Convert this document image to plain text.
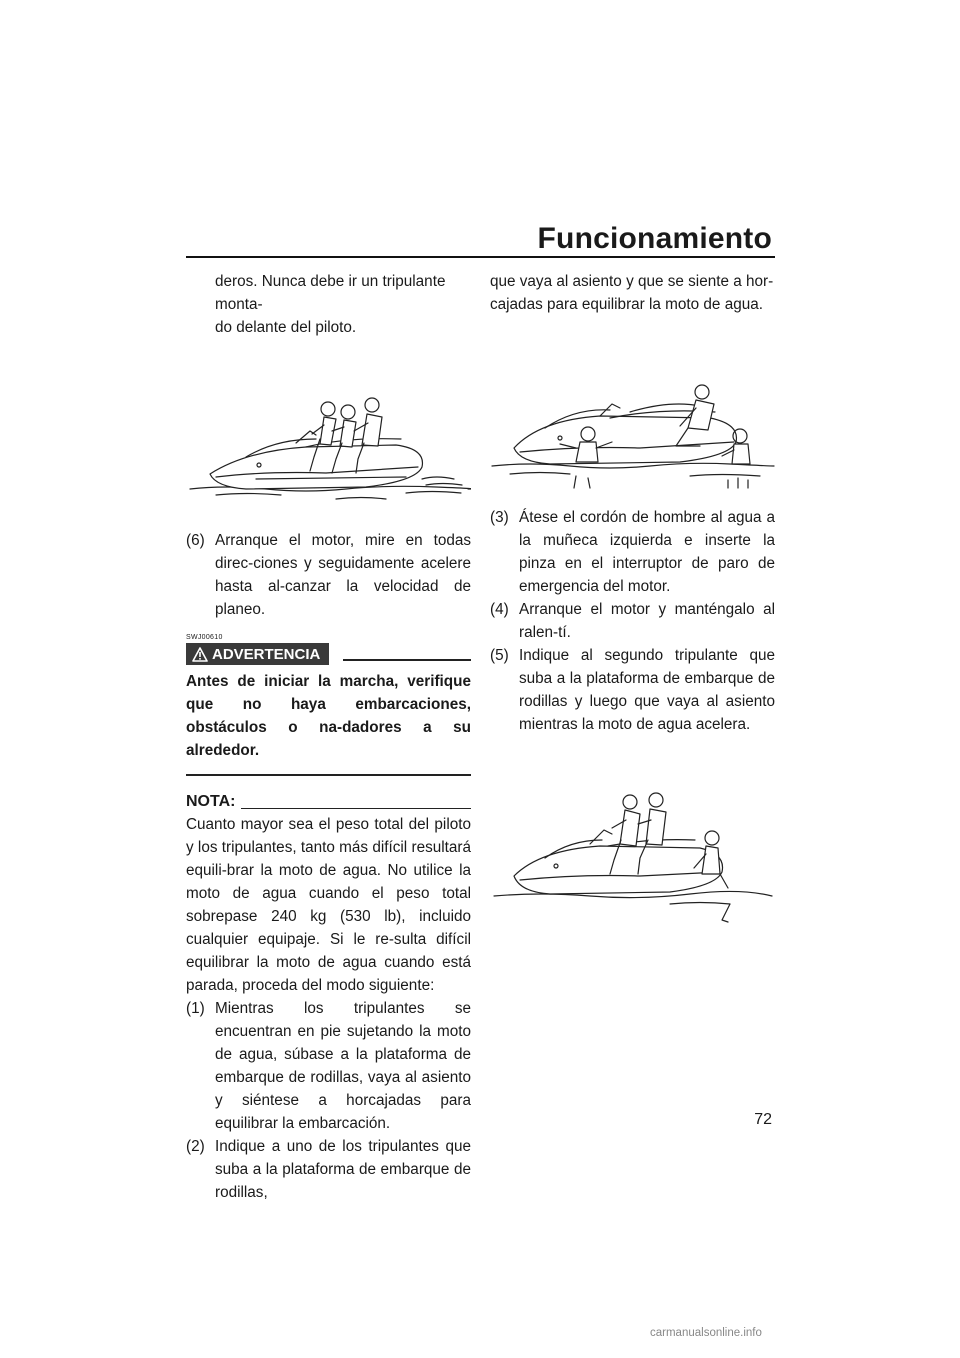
Funcionamiento

deros. Nunca debe ir un tripulante monta-

do delante del piloto.

(6) Arranque el motor, mire en todas direc-ciones y seguidamente acelere hasta al-canzar la velocidad de planeo.
SWJ00610
ADVERTENCIA
Antes de iniciar la marcha, verifique que no haya embarcaciones, obstáculos o na-dadores a su alrededor.
NOTA:

Cuanto mayor sea el peso total del piloto y los tripulantes, tanto más difícil resultará equili-brar la moto de agua. No utilice la moto de agua cuando el peso total sobrepase 240 kg (530 lb), incluido cualquier equipaje. Si le re-sulta difícil equilibrar la moto de agua cuando está parada, proceda del modo siguiente:

(1) Mientras los tripulantes se encuentran en pie sujetando la moto de agua, súbase a la plataforma de embarque de rodillas, vaya al asiento y siéntese a horcajadas para equilibrar la embarcación.
(2) Indique a uno de los tripulantes que suba a la plataforma de embarque de rodillas,

que vaya al asiento y que se siente a hor-

cajadas para equilibrar la moto de agua.

(3) Átese el cordón de hombre al agua a la muñeca izquierda e inserte la pinza en el interruptor de paro de emergencia del motor.
(4) Arranque el motor y manténgalo al ralen-tí.
(5) Indique al segundo tripulante que suba a la plataforma de embarque de rodillas y luego que vaya al asiento mientras la moto de agua acelera.
72
carmanualsonline.info
